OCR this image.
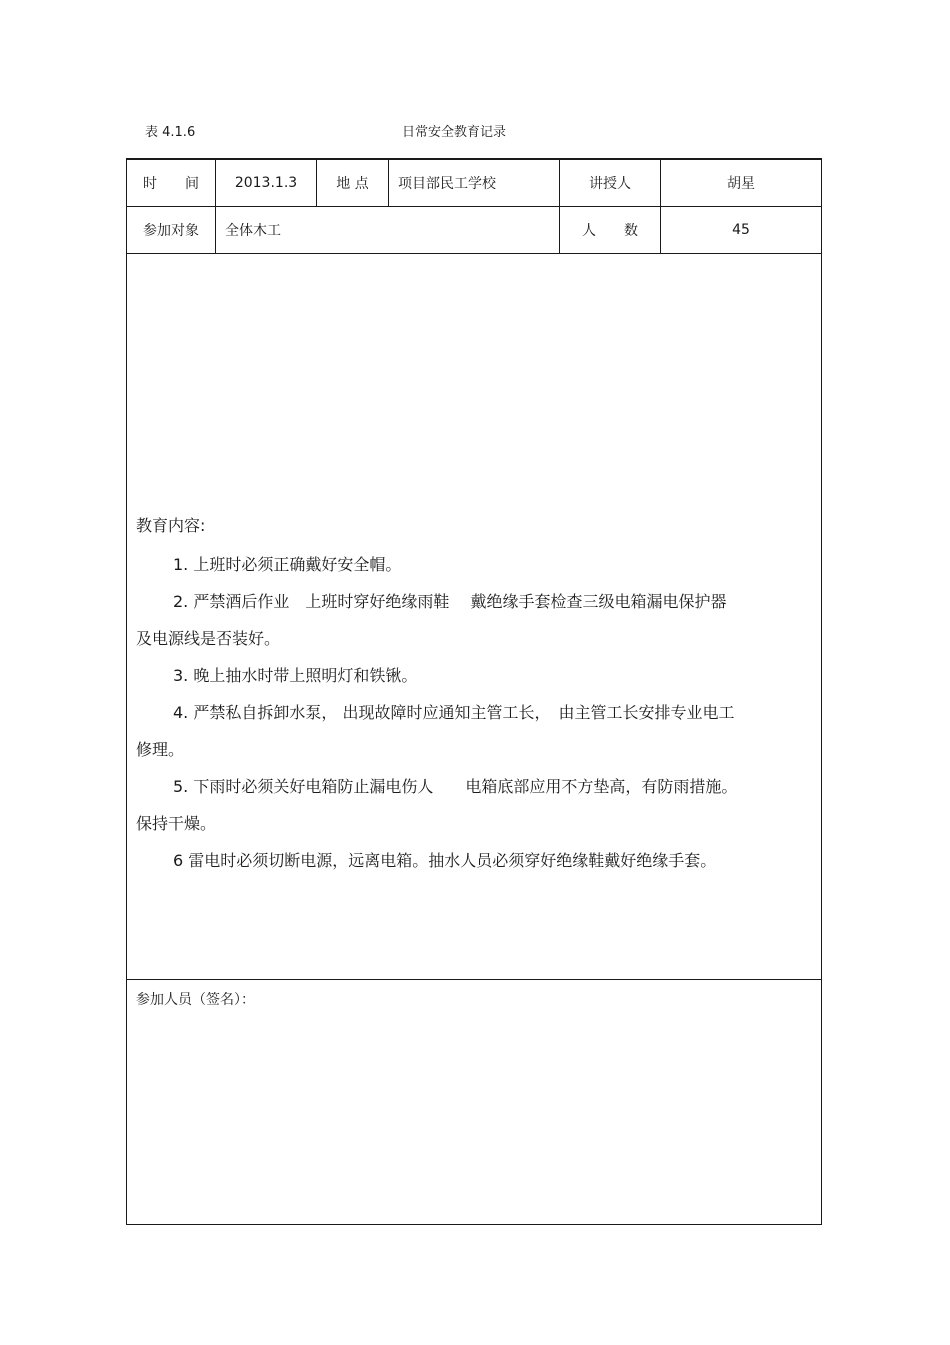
表 4.1.6	日常安全教育记录
时　　间	2013.1.3	地 点	项目部民工学校	讲授人	胡星
参加对象	全体木工	人　　数	45
教育内容:
1. 上班时必须正确戴好安全帽。
2. 严禁酒后作业　上班时穿好绝缘雨鞋　 戴绝缘手套检查三级电箱漏电保护器
及电源线是否装好。
3. 晚上抽水时带上照明灯和铁锹。
4. 严禁私自拆卸水泵， 出现故障时应通知主管工长，　由主管工长安排专业电工
修理。
5. 下雨时必须关好电箱防止漏电伤人　　电箱底部应用不方垫高，有防雨措施。
保持干燥。
6 雷电时必须切断电源，远离电箱。抽水人员必须穿好绝缘鞋戴好绝缘手套。
参加人员（签名）：
